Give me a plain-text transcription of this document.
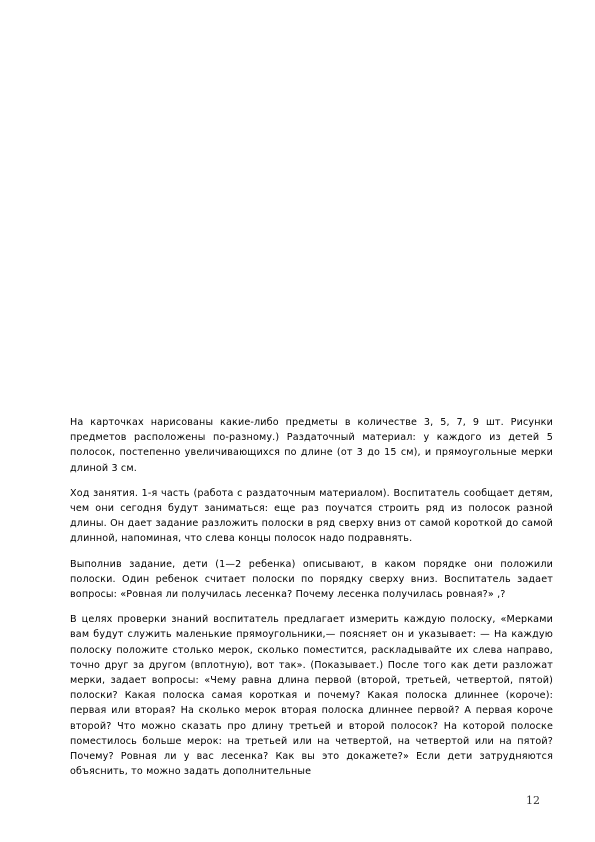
На карточках нарисованы какие-либо предметы в количестве 3, 5, 7, 9 шт. Рисунки предметов расположены по-разному.) Раздаточный материал: у каждого из детей 5 полосок, постепенно увеличивающихся по длине (от 3 до 15 см), и прямоугольные мерки длиной 3 см.

Ход занятия. 1-я часть (работа с раздаточным материалом). Воспитатель сообщает детям, чем они сегодня будут заниматься: еще раз поучатся строить ряд из полосок разной длины. Он дает задание разложить полоски в ряд сверху вниз от самой короткой до самой длинной, напоминая, что слева концы полосок надо подравнять.

Выполнив задание, дети (1—2 ребенка) описывают, в каком порядке они положили полоски. Один ребенок считает полоски по порядку сверху вниз. Воспитатель задает вопросы: «Ровная ли получилась лесенка? Почему лесенка получилась ровная?» ,?

В целях проверки знаний воспитатель предлагает измерить каждую полоску, «Мерками вам будут служить маленькие прямоугольники,— поясняет он и указывает: — На каждую полоску положите столько мерок, сколько поместится, раскладывайте их слева направо, точно друг за другом (вплотную), вот так». (Показывает.) После того как дети разложат мерки, задает вопросы: «Чему равна длина первой (второй, третьей, четвертой, пятой) полоски? Какая полоска самая короткая и почему? Какая полоска длиннее (короче): первая или вторая? На сколько мерок вторая полоска длиннее первой? А первая короче второй? Что можно сказать про длину третьей и второй полосок? На которой полоске поместилось больше мерок: на третьей или на четвертой, на четвертой или на пятой? Почему? Ровная ли у вас лесенка? Как вы это докажете?» Если дети затрудняются объяснить, то можно задать дополнительные

12
